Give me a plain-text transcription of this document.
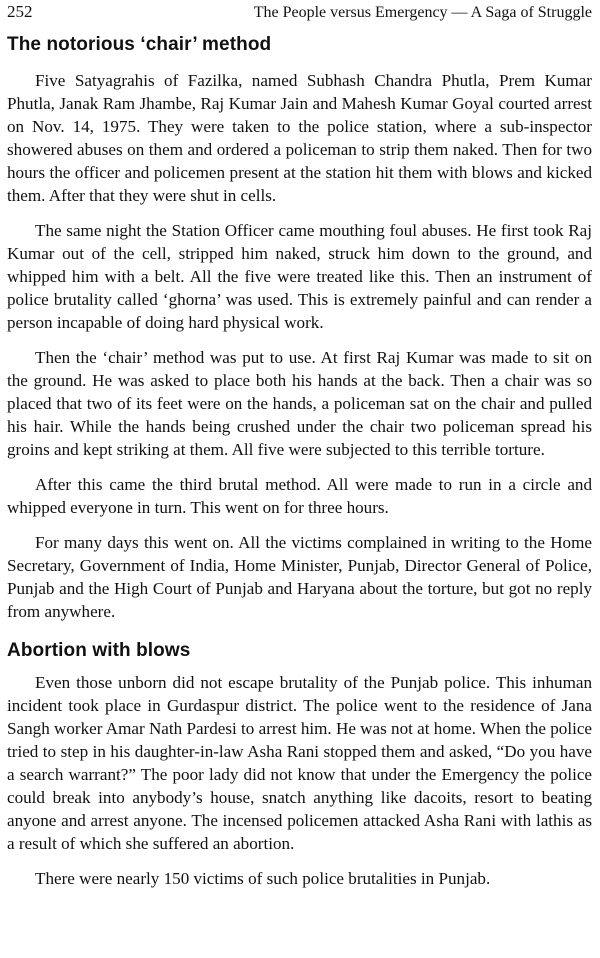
252	The People versus Emergency — A Saga of Struggle
The notorious ‘chair’ method

Five Satyagrahis of Fazilka, named Subhash Chandra Phutla, Prem Kumar Phutla, Janak Ram Jhambe, Raj Kumar Jain and Mahesh Kumar Goyal courted arrest on Nov. 14, 1975. They were taken to the police station, where a sub-inspector showered abuses on them and ordered a policeman to strip them naked. Then for two hours the officer and policemen present at the station hit them with blows and kicked them. After that they were shut in cells.

The same night the Station Officer came mouthing foul abuses. He first took Raj Kumar out of the cell, stripped him naked, struck him down to the ground, and whipped him with a belt. All the five were treated like this. Then an instrument of police brutality called ‘ghorna’ was used. This is extremely painful and can render a person incapable of doing hard physical work.

Then the ‘chair’ method was put to use. At first Raj Kumar was made to sit on the ground. He was asked to place both his hands at the back. Then a chair was so placed that two of its feet were on the hands, a policeman sat on the chair and pulled his hair. While the hands being crushed under the chair two policeman spread his groins and kept striking at them. All five were subjected to this terrible torture.

After this came the third brutal method. All were made to run in a circle and whipped everyone in turn. This went on for three hours.

For many days this went on. All the victims complained in writing to the Home Secretary, Government of India, Home Minister, Punjab, Director General of Police, Punjab and the High Court of Punjab and Haryana about the torture, but got no reply from anywhere.

Abortion with blows

Even those unborn did not escape brutality of the Punjab police. This inhuman incident took place in Gurdaspur district. The police went to the residence of Jana Sangh worker Amar Nath Pardesi to arrest him. He was not at home. When the police tried to step in his daughter-in-law Asha Rani stopped them and asked, “Do you have a search warrant?” The poor lady did not know that under the Emergency the police could break into anybody’s house, snatch anything like dacoits, resort to beating anyone and arrest anyone. The incensed policemen attacked Asha Rani with lathis as a result of which she suffered an abortion.

There were nearly 150 victims of such police brutalities in Punjab.
